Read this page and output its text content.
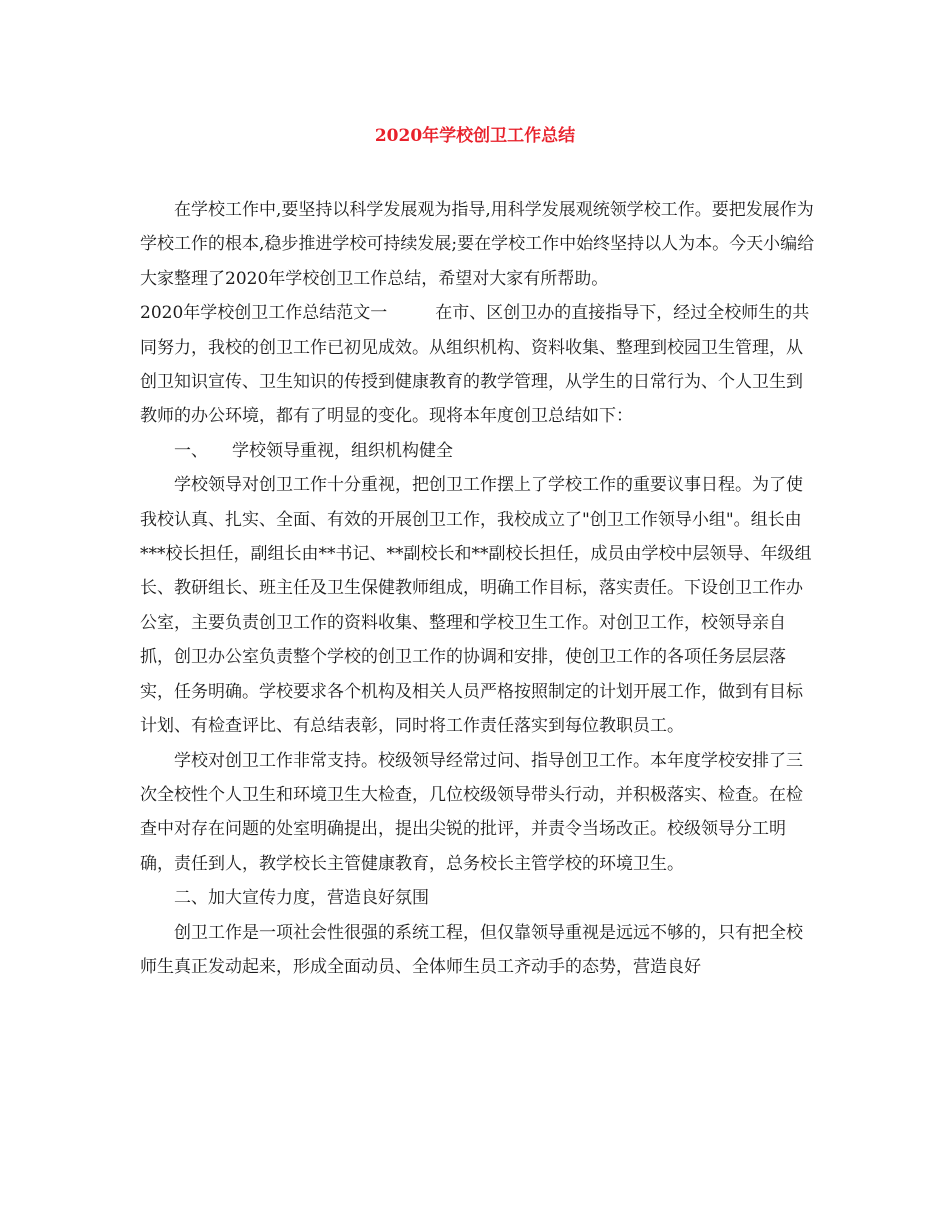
2020年学校创卫工作总结

在学校工作中,要坚持以科学发展观为指导,用科学发展观统领学校工作。要把发展作为学校工作的根本,稳步推进学校可持续发展;要在学校工作中始终坚持以人为本。今天小编给大家整理了2020年学校创卫工作总结，希望对大家有所帮助。

2020年学校创卫工作总结范文一	在市、区创卫办的直接指导下，经过全校师生的共同努力，我校的创卫工作已初见成效。从组织机构、资料收集、整理到校园卫生管理，从创卫知识宣传、卫生知识的传授到健康教育的教学管理，从学生的日常行为、个人卫生到教师的办公环境，都有了明显的变化。现将本年度创卫总结如下：

一、 学校领导重视，组织机构健全

学校领导对创卫工作十分重视，把创卫工作摆上了学校工作的重要议事日程。为了使我校认真、扎实、全面、有效的开展创卫工作，我校成立了"创卫工作领导小组"。组长由***校长担任，副组长由**书记、**副校长和**副校长担任，成员由学校中层领导、年级组长、教研组长、班主任及卫生保健教师组成，明确工作目标，落实责任。下设创卫工作办公室，主要负责创卫工作的资料收集、整理和学校卫生工作。对创卫工作，校领导亲自抓，创卫办公室负责整个学校的创卫工作的协调和安排，使创卫工作的各项任务层层落实，任务明确。学校要求各个机构及相关人员严格按照制定的计划开展工作，做到有目标计划、有检查评比、有总结表彰，同时将工作责任落实到每位教职员工。

学校对创卫工作非常支持。校级领导经常过问、指导创卫工作。本年度学校安排了三次全校性个人卫生和环境卫生大检查，几位校级领导带头行动，并积极落实、检查。在检查中对存在问题的处室明确提出，提出尖锐的批评，并责令当场改正。校级领导分工明确，责任到人，教学校长主管健康教育，总务校长主管学校的环境卫生。

二、加大宣传力度，营造良好氛围

创卫工作是一项社会性很强的系统工程，但仅靠领导重视是远远不够的，只有把全校师生真正发动起来，形成全面动员、全体师生员工齐动手的态势，营造良好
